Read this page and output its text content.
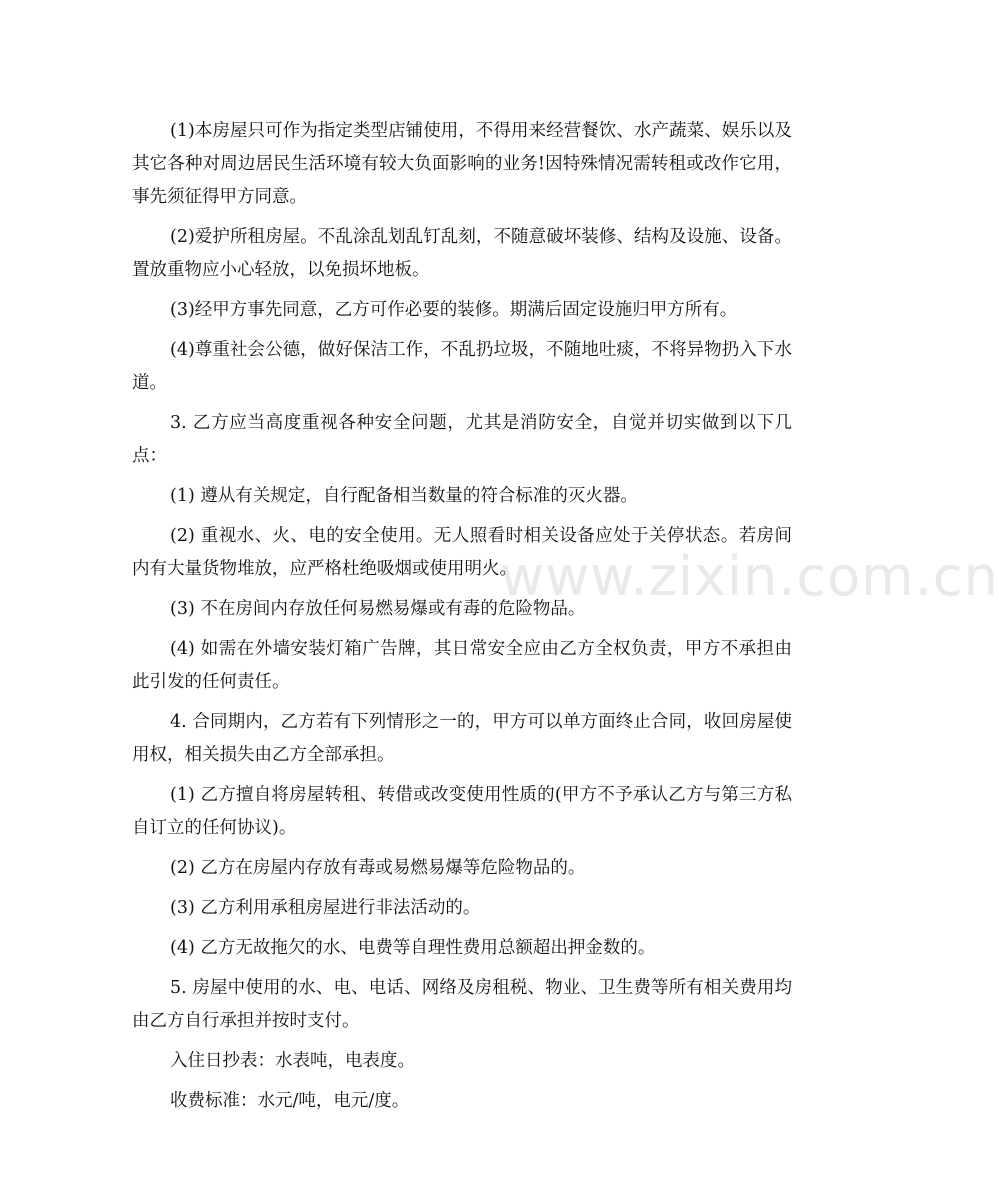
www.zixin.com.cn

(1)本房屋只可作为指定类型店铺使用，不得用来经营餐饮、水产蔬菜、娱乐以及其它各种对周边居民生活环境有较大负面影响的业务!因特殊情况需转租或改作它用，事先须征得甲方同意。

(2)爱护所租房屋。不乱涂乱划乱钉乱刻，不随意破坏装修、结构及设施、设备。置放重物应小心轻放，以免损坏地板。

(3)经甲方事先同意，乙方可作必要的装修。期满后固定设施归甲方所有。

(4)尊重社会公德，做好保洁工作，不乱扔垃圾，不随地吐痰，不将异物扔入下水道。

3. 乙方应当高度重视各种安全问题，尤其是消防安全，自觉并切实做到以下几点：

(1) 遵从有关规定，自行配备相当数量的符合标准的灭火器。

(2) 重视水、火、电的安全使用。无人照看时相关设备应处于关停状态。若房间内有大量货物堆放，应严格杜绝吸烟或使用明火。

(3) 不在房间内存放任何易燃易爆或有毒的危险物品。

(4) 如需在外墙安装灯箱广告牌，其日常安全应由乙方全权负责，甲方不承担由此引发的任何责任。

4. 合同期内，乙方若有下列情形之一的，甲方可以单方面终止合同，收回房屋使用权，相关损失由乙方全部承担。

(1) 乙方擅自将房屋转租、转借或改变使用性质的(甲方不予承认乙方与第三方私自订立的任何协议)。

(2) 乙方在房屋内存放有毒或易燃易爆等危险物品的。

(3) 乙方利用承租房屋进行非法活动的。

(4) 乙方无故拖欠的水、电费等自理性费用总额超出押金数的。

5. 房屋中使用的水、电、电话、网络及房租税、物业、卫生费等所有相关费用均由乙方自行承担并按时支付。

入住日抄表：水表吨，电表度。

收费标准：水元/吨，电元/度。
